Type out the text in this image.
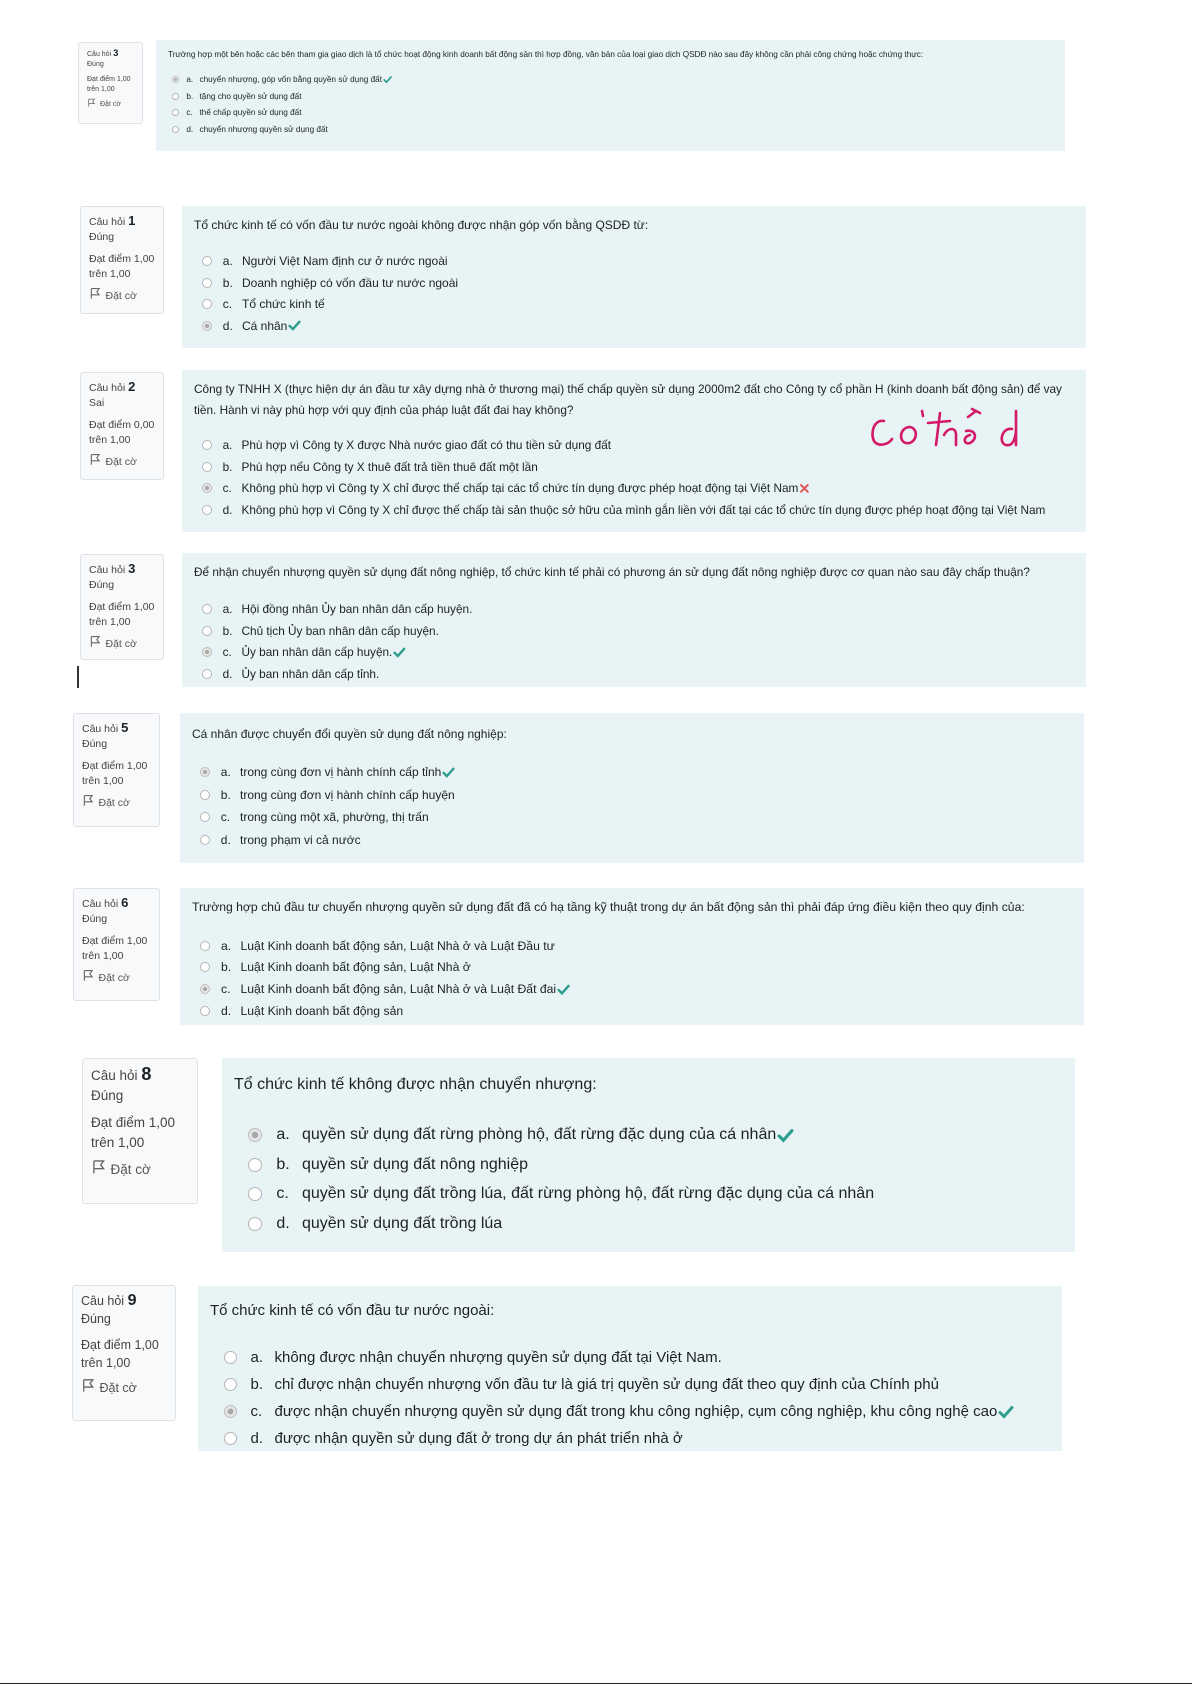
Câu hỏi 3
Đúng
Đạt điểm 1,00
trên 1,00
Đặt cờ
Trường hợp một bên hoặc các bên tham gia giao dịch là tổ chức hoạt động kinh doanh bất động sản thì hợp đồng, văn bản của loại giao dịch QSDĐ nào sau đây không cần phải công chứng hoặc chứng thực:
a. chuyển nhượng, góp vốn bằng quyền sử dụng đất
b. tặng cho quyền sử dụng đất
c. thế chấp quyền sử dụng đất
d. chuyển nhượng quyền sử dụng đất
Câu hỏi 1
Đúng
Đạt điểm 1,00
trên 1,00
Đặt cờ
Tổ chức kinh tế có vốn đầu tư nước ngoài không được nhận góp vốn bằng QSDĐ từ:
a. Người Việt Nam định cư ở nước ngoài
b. Doanh nghiệp có vốn đầu tư nước ngoài
c. Tổ chức kinh tế
d. Cá nhân
Câu hỏi 2
Sai
Đạt điểm 0,00
trên 1,00
Đặt cờ
Công ty TNHH X (thực hiện dự án đầu tư xây dựng nhà ở thương mại) thế chấp quyền sử dụng 2000m2 đất cho Công ty cổ phần H (kinh doanh bất động sản) để vay
tiền. Hành vi này phù hợp với quy định của pháp luật đất đai hay không?
a. Phù hợp vì Công ty X được Nhà nước giao đất có thu tiền sử dụng đất
b. Phù hợp nếu Công ty X thuê đất trả tiền thuê đất một lần
c. Không phù hợp vì Công ty X chỉ được thế chấp tại các tổ chức tín dụng được phép hoạt động tại Việt Nam
d. Không phù hợp vì Công ty X chỉ được thế chấp tài sản thuộc sở hữu của mình gắn liền với đất tại các tổ chức tín dụng được phép hoạt động tại Việt Nam
Câu hỏi 3
Đúng
Đạt điểm 1,00
trên 1,00
Đặt cờ
Để nhận chuyển nhượng quyền sử dụng đất nông nghiệp, tổ chức kinh tế phải có phương án sử dụng đất nông nghiệp được cơ quan nào sau đây chấp thuận?
a. Hội đồng nhân Ủy ban nhân dân cấp huyện.
b. Chủ tịch Ủy ban nhân dân cấp huyện.
c. Ủy ban nhân dân cấp huyện.
d. Ủy ban nhân dân cấp tỉnh.
Câu hỏi 5
Đúng
Đạt điểm 1,00
trên 1,00
Đặt cờ
Cá nhân được chuyển đổi quyền sử dụng đất nông nghiệp:
a. trong cùng đơn vị hành chính cấp tỉnh
b. trong cùng đơn vị hành chính cấp huyện
c. trong cùng một xã, phường, thị trấn
d. trong phạm vi cả nước
Câu hỏi 6
Đúng
Đạt điểm 1,00
trên 1,00
Đặt cờ
Trường hợp chủ đầu tư chuyển nhượng quyền sử dụng đất đã có hạ tầng kỹ thuật trong dự án bất động sản thì phải đáp ứng điều kiện theo quy định của:
a. Luật Kinh doanh bất động sản, Luật Nhà ở và Luật Đầu tư
b. Luật Kinh doanh bất động sản, Luật Nhà ở
c. Luật Kinh doanh bất động sản, Luật Nhà ở và Luật Đất đai
d. Luật Kinh doanh bất động sản
Câu hỏi 8
Đúng
Đạt điểm 1,00
trên 1,00
Đặt cờ
Tổ chức kinh tế không được nhận chuyển nhượng:
a. quyền sử dụng đất rừng phòng hộ, đất rừng đặc dụng của cá nhân
b. quyền sử dụng đất nông nghiệp
c. quyền sử dụng đất trồng lúa, đất rừng phòng hộ, đất rừng đặc dụng của cá nhân
d. quyền sử dụng đất trồng lúa
Câu hỏi 9
Đúng
Đạt điểm 1,00
trên 1,00
Đặt cờ
Tổ chức kinh tế có vốn đầu tư nước ngoài:
a. không được nhận chuyển nhượng quyền sử dụng đất tại Việt Nam.
b. chỉ được nhận chuyển nhượng vốn đầu tư là giá trị quyền sử dụng đất theo quy định của Chính phủ
c. được nhận chuyển nhượng quyền sử dụng đất trong khu công nghiệp, cụm công nghiệp, khu công nghệ cao
d. được nhận quyền sử dụng đất ở trong dự án phát triển nhà ở
